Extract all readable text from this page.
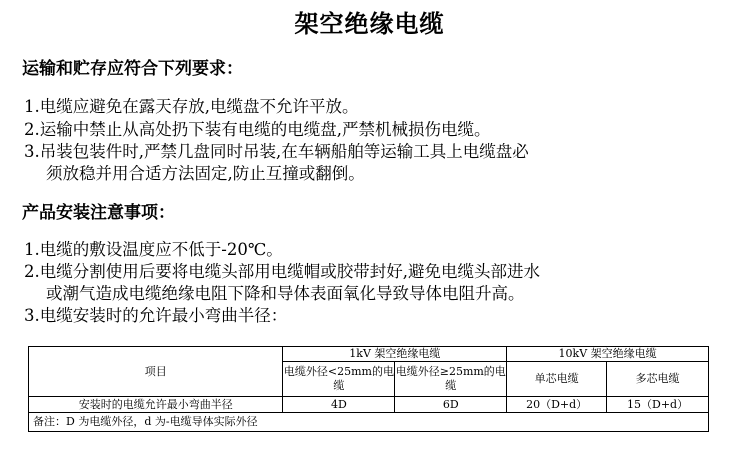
架空绝缘电缆
运输和贮存应符合下列要求：
1.电缆应避免在露天存放,电缆盘不允许平放。
2.运输中禁止从高处扔下装有电缆的电缆盘,严禁机械损伤电缆。
3.吊装包装件时,严禁几盘同时吊装,在车辆船舶等运输工具上电缆盘必
须放稳并用合适方法固定,防止互撞或翻倒。
产品安装注意事项：
1.电缆的敷设温度应不低于-20℃。
2.电缆分割使用后要将电缆头部用电缆帽或胶带封好,避免电缆头部进水
或潮气造成电缆绝缘电阻下降和导体表面氧化导致导体电阻升高。
3.电缆安装时的允许最小弯曲半径：
项目	1kV 架空绝缘电缆		10kV 架空绝缘电缆	
	电缆外径<25mm的电缆	电缆外径≥25mm的电缆	单芯电缆	多芯电缆
安装时的电缆允许最小弯曲半径	4D	6D	20（D+d）	15（D+d）
备注：D 为电缆外径，d 为-电缆导体实际外径				
